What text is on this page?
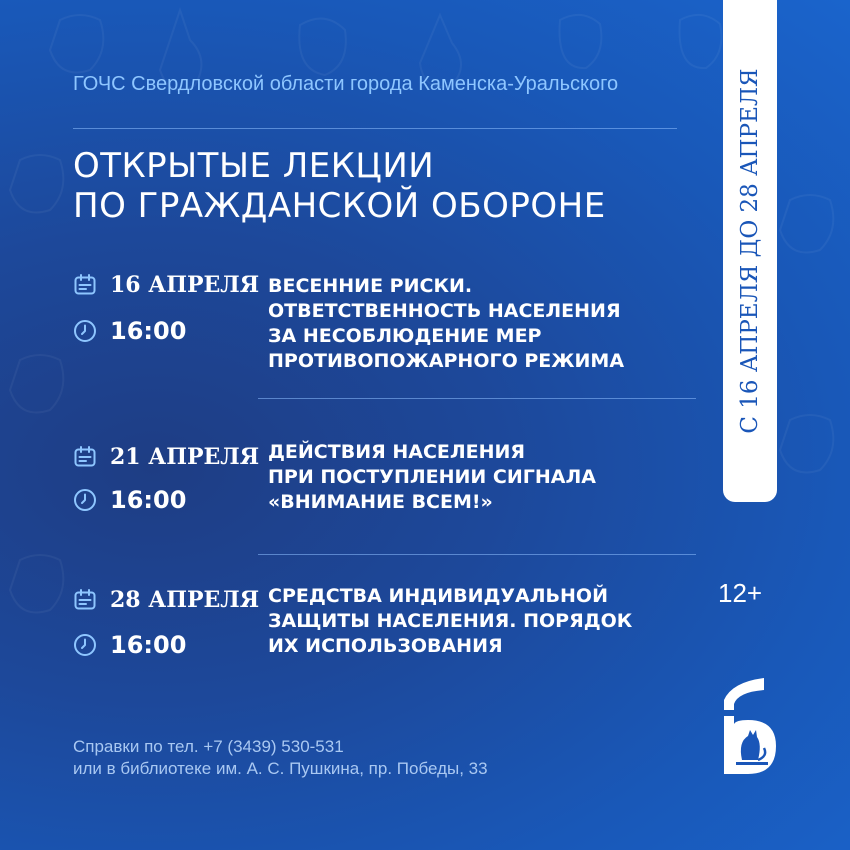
ГОЧС Свердловской области города Каменска-Уральского
ОТКРЫТЫЕ ЛЕКЦИИ
ПО ГРАЖДАНСКОЙ ОБОРОНЕ
16 АПРЕЛЯ
16:00
ВЕСЕННИЕ РИСКИ.
ОТВЕТСТВЕННОСТЬ НАСЕЛЕНИЯ
ЗА НЕСОБЛЮДЕНИЕ МЕР
ПРОТИВОПОЖАРНОГО РЕЖИМА
21 АПРЕЛЯ
16:00
ДЕЙСТВИЯ НАСЕЛЕНИЯ
ПРИ ПОСТУПЛЕНИИ СИГНАЛА
«ВНИМАНИЕ ВСЕМ!»
28 АПРЕЛЯ
16:00
СРЕДСТВА ИНДИВИДУАЛЬНОЙ
ЗАЩИТЫ НАСЕЛЕНИЯ. ПОРЯДОК
ИХ ИСПОЛЬЗОВАНИЯ
С 16 АПРЕЛЯ ДО 28 АПРЕЛЯ
12+
Справки по тел. +7 (3439) 530-531
или в библиотеке им. А. С. Пушкина, пр. Победы, 33
